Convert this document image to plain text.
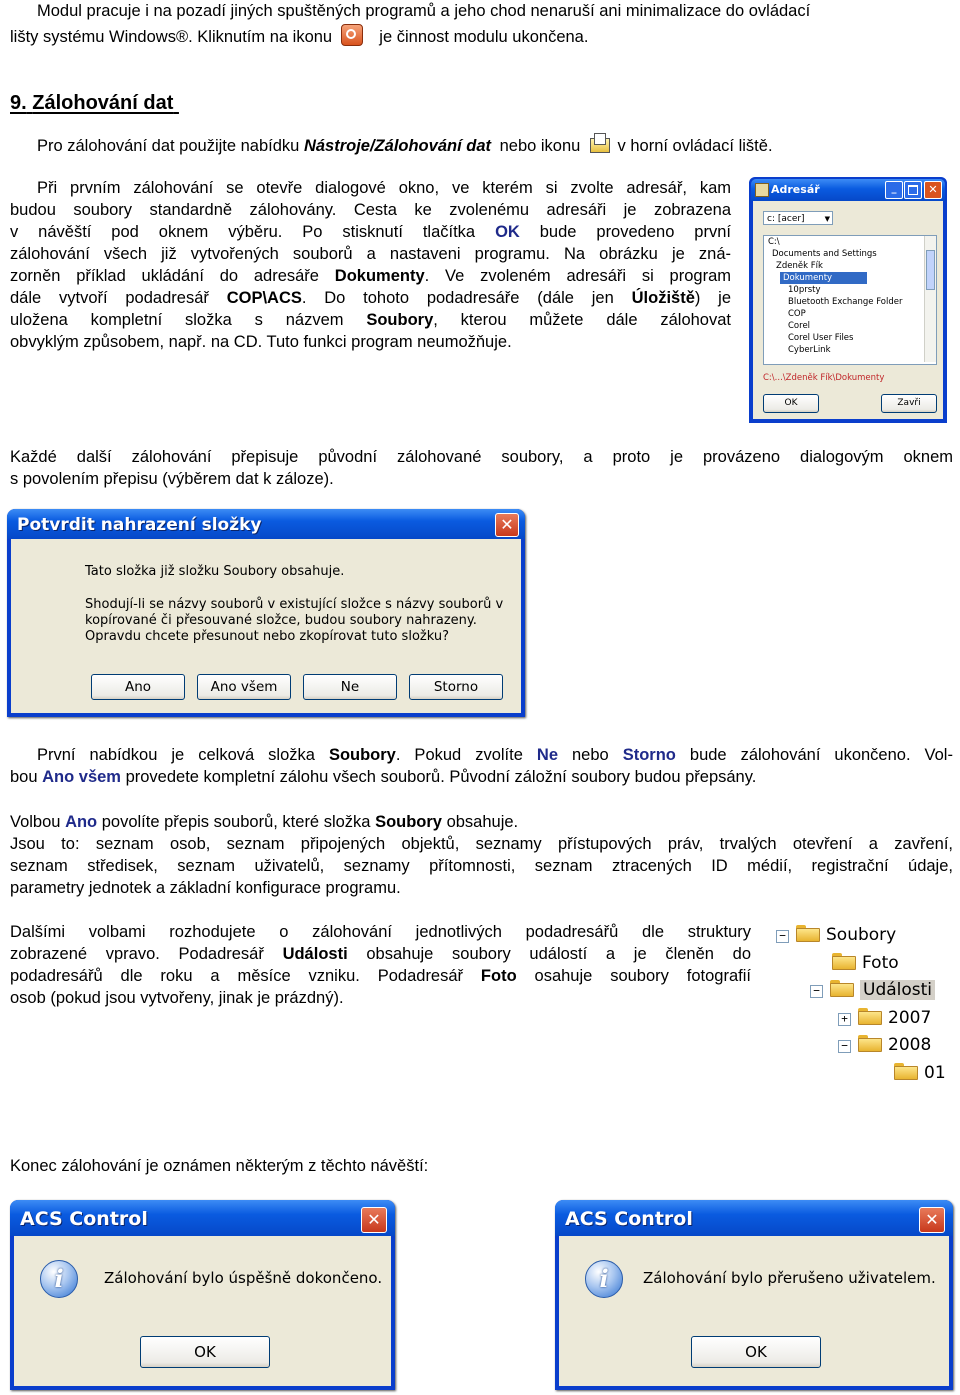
Modul pracuje i na pozadí jiných spuštěných programů a jeho chod nenaruší ani minimalizace do ovládací
lišty systému Windows®. Kliknutím na ikonu	je činnost modulu ukončena.
9. Zálohování dat
Pro zálohování dat použijte nabídku Nástroje/Zálohování dat nebo ikonu v horní ovládací liště.
Při prvním zálohování se otevře dialogové okno, ve kterém si zvolte adresář, kam
budou soubory standardně zálohovány. Cesta ke zvolenému adresáři je zobrazena
v návěští pod oknem výběru. Po stisknutí tlačítka OK bude provedeno první
zálohování všech již vytvořených souborů a nastaveni programu. Na obrázku je zná-
zorněn příklad ukládání do adresáře Dokumenty. Ve zvoleném adresáři si program
dále vytvoří podadresář COP\ACS. Do tohoto podadresáře (dále jen Úložiště) je
uložena kompletní složka s názvem Soubory, kterou můžete dále zálohovat
obvyklým způsobem, např. na CD. Tuto funkci program neumožňuje.
Adresář	_	✕
c: [acer]	▼
C:\
Documents and Settings
Zdeněk Fík
Dokumenty
10prsty
Bluetooth Exchange Folder
COP
Corel
Corel User Files
CyberLink
C:\...\Zdeněk Fík\Dokumenty
OK	Zavři
Každé další zálohování přepisuje původní zálohované soubory, a proto je provázeno dialogovým oknem
s povolením přepisu (výběrem dat k záloze).
Potvrdit nahrazení složky	✕
Tato složka již složku Soubory obsahuje.
Shodují-li se názvy souborů v existující složce s názvy souborů v
kopírované či přesouvané složce, budou soubory nahrazeny.
Opravdu chcete přesunout nebo zkopírovat tuto složku?
Ano	Ano všem	Ne	Storno
První nabídkou je celková složka Soubory. Pokud zvolíte Ne nebo Storno bude zálohování ukončeno. Vol-
bou Ano všem provedete kompletní zálohu všech souborů. Původní záložní soubory budou přepsány.
Volbou Ano povolíte přepis souborů, které složka Soubory obsahuje.
Jsou to: seznam osob, seznam připojených objektů, seznamy přístupových práv, trvalých otevření a zavření,
seznam středisek, seznam uživatelů, seznamy přítomnosti, seznam ztracených ID médií, registrační údaje,
parametry jednotek a základní konfigurace programu.
Dalšími volbami rozhodujete o zálohování jednotlivých podadresářů dle struktury
zobrazené vpravo. Podadresář Události obsahuje soubory událostí a je členěn do
podadresářů dle roku a měsíce vzniku. Podadresář Foto osahuje soubory fotografií
osob (pokud jsou vytvořeny, jinak je prázdný).
− Soubory
Foto
−	Události
+ 2007
− 2008
01
Konec zálohování je oznámen některým z těchto návěští:
ACS Control	✕
i	Zálohování bylo úspěšně dokončeno.
OK
ACS Control	✕
i	Zálohování bylo přerušeno uživatelem.
OK
